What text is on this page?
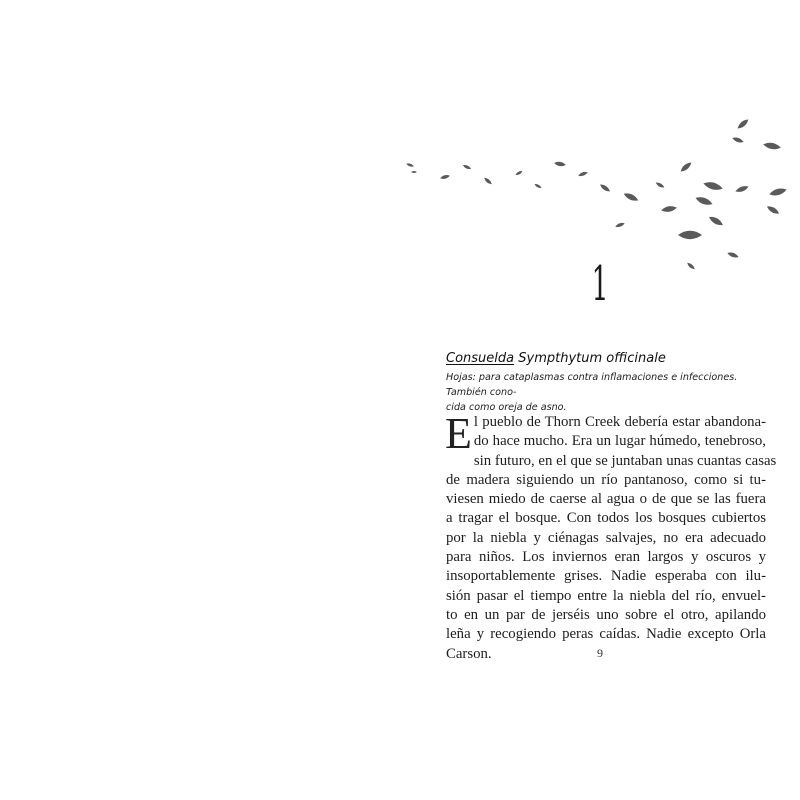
1
Consuelda Sympthytum officinale
Hojas: para cataplasmas contra inflamaciones e infecciones. También cono-
cida como oreja de asno.
E l pueblo de Thorn Creek debería estar abandona-
do hace mucho. Era un lugar húmedo, tenebroso,
sin futuro, en el que se juntaban unas cuantas casas
de madera siguiendo un río pantanoso, como si tu-
viesen miedo de caerse al agua o de que se las fuera
a tragar el bosque. Con todos los bosques cubiertos
por la niebla y ciénagas salvajes, no era adecuado
para niños. Los inviernos eran largos y oscuros y
insoportablemente grises. Nadie esperaba con ilu-
sión pasar el tiempo entre la niebla del río, envuel-
to en un par de jerséis uno sobre el otro, apilando
leña y recogiendo peras caídas. Nadie excepto Orla
Carson.	9
